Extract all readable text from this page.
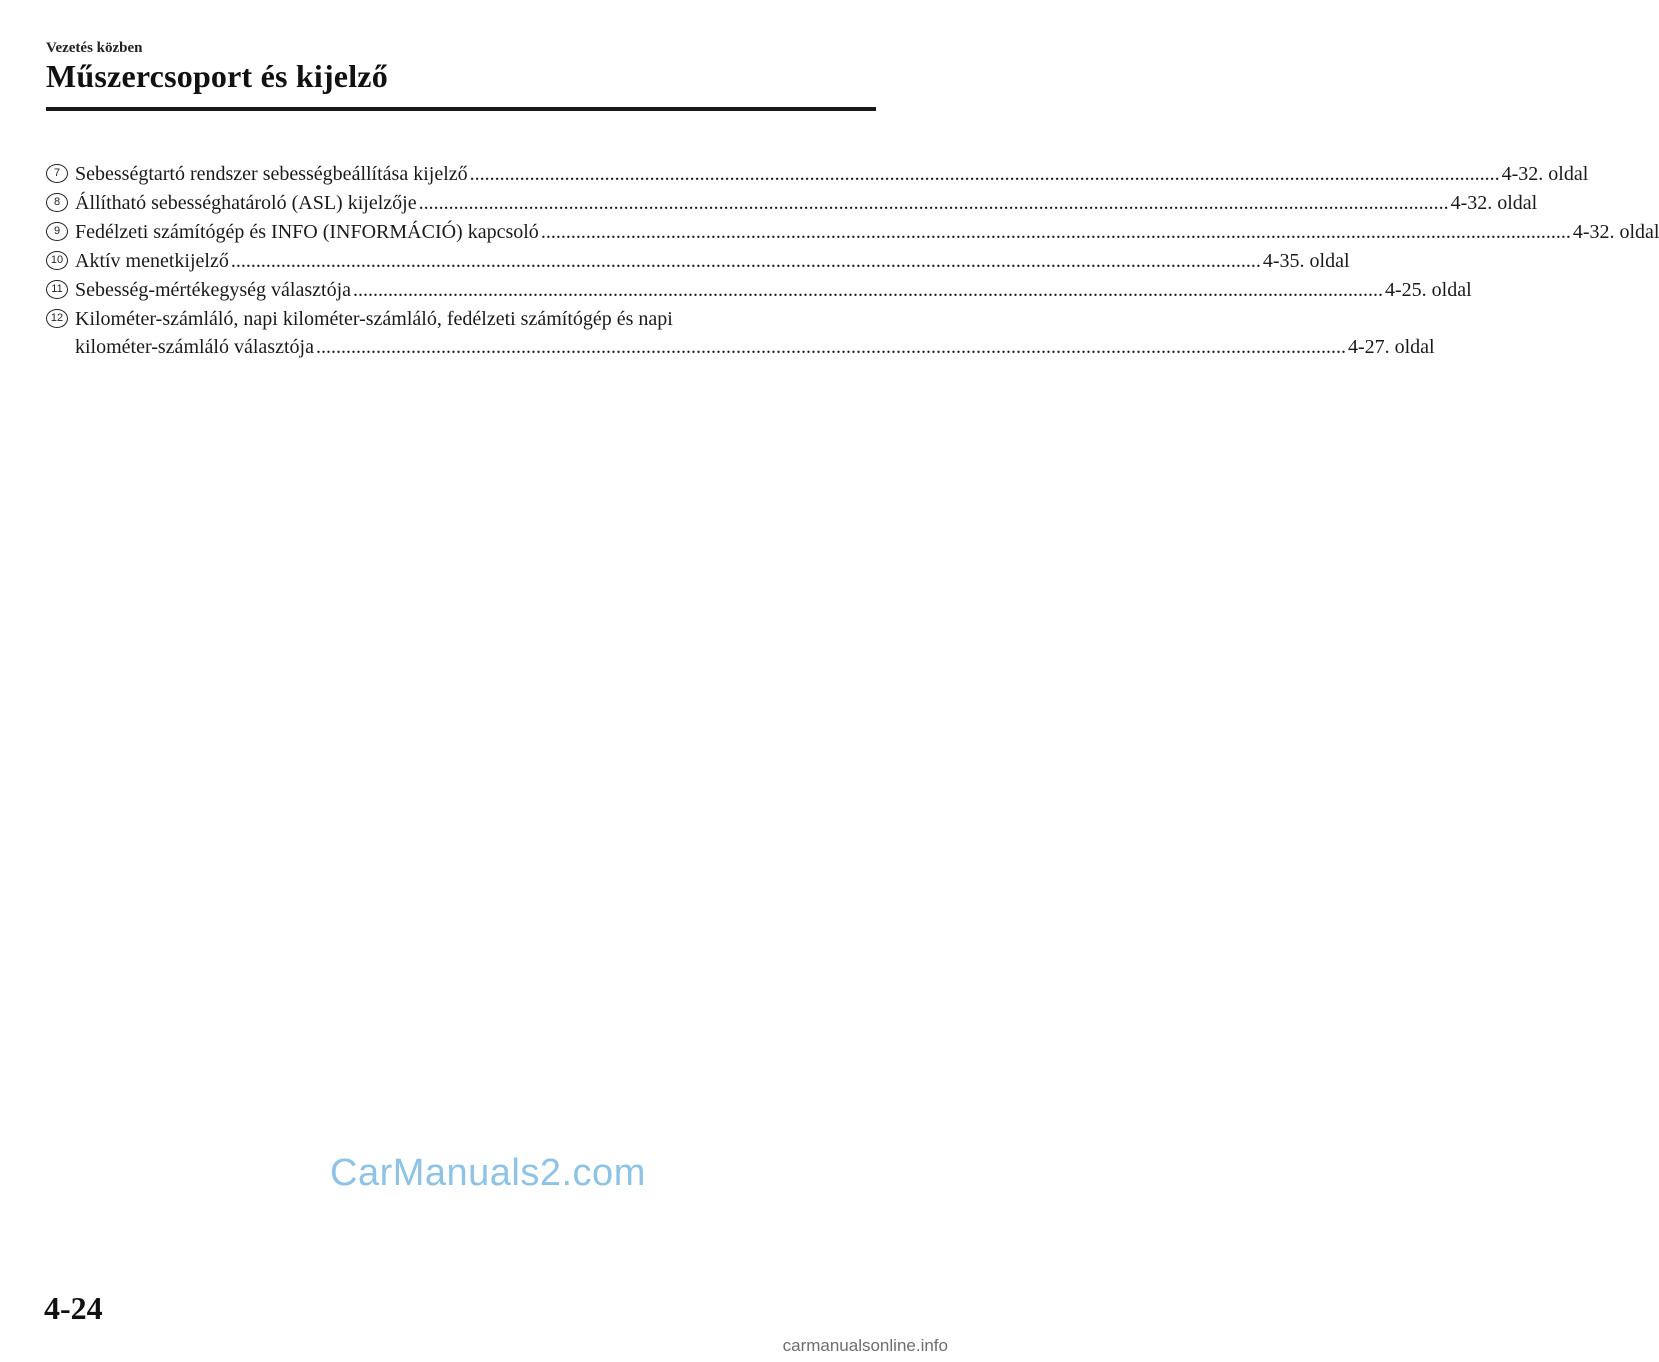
Vezetés közben
Műszercsoport és kijelző
7 Sebességtartó rendszer sebességbeállítása kijelző .....	4-32. oldal
8 Állítható sebességhatároló (ASL) kijelzője .....	4-32. oldal
9 Fedélzeti számítógép és INFO (INFORMÁCIÓ) kapcsoló .....	4-32. oldal
10 Aktív menetkijelző .....	4-35. oldal
11 Sebesség-mértékegység választója .....	4-25. oldal
12 Kilométer-számláló, napi kilométer-számláló, fedélzeti számítógép és napi
kilométer-számláló választója .....	4-27. oldal
CarManuals2.com
4-24
carmanualsonline.info
